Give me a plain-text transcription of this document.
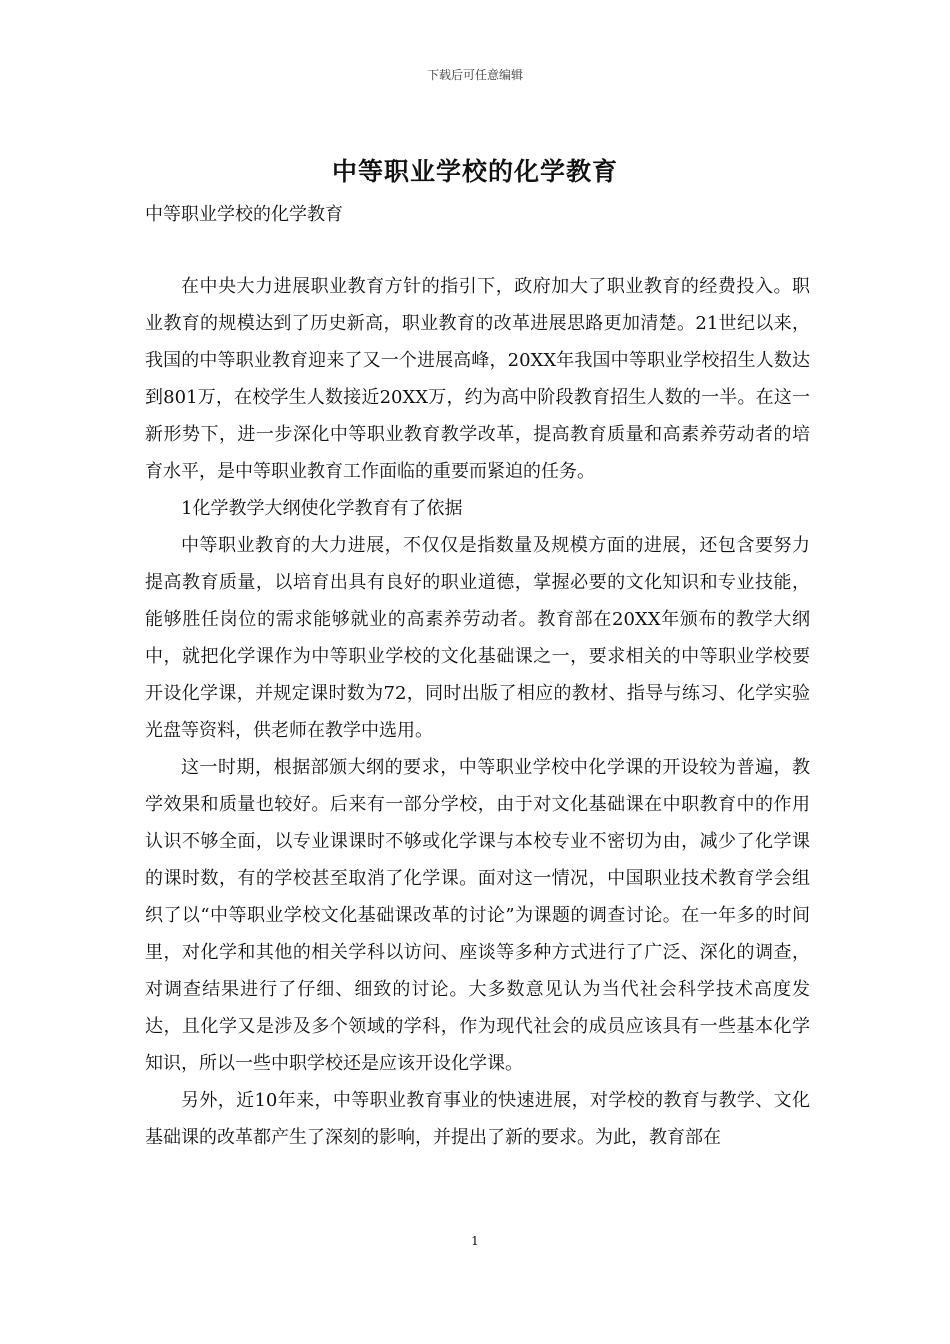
下载后可任意编辑
中等职业学校的化学教育
中等职业学校的化学教育

在中央大力进展职业教育方针的指引下，政府加大了职业教育的经费投入。职业教育的规模达到了历史新高，职业教育的改革进展思路更加清楚。21世纪以来，我国的中等职业教育迎来了又一个进展高峰，20XX年我国中等职业学校招生人数达到801万，在校学生人数接近20XX万，约为高中阶段教育招生人数的一半。在这一新形势下，进一步深化中等职业教育教学改革，提高教育质量和高素养劳动者的培育水平，是中等职业教育工作面临的重要而紧迫的任务。

1化学教学大纲使化学教育有了依据

中等职业教育的大力进展，不仅仅是指数量及规模方面的进展，还包含要努力提高教育质量，以培育出具有良好的职业道德，掌握必要的文化知识和专业技能，能够胜任岗位的需求能够就业的高素养劳动者。教育部在20XX年颁布的教学大纲中，就把化学课作为中等职业学校的文化基础课之一，要求相关的中等职业学校要开设化学课，并规定课时数为72，同时出版了相应的教材、指导与练习、化学实验光盘等资料，供老师在教学中选用。

这一时期，根据部颁大纲的要求，中等职业学校中化学课的开设较为普遍，教学效果和质量也较好。后来有一部分学校，由于对文化基础课在中职教育中的作用认识不够全面，以专业课课时不够或化学课与本校专业不密切为由，减少了化学课的课时数，有的学校甚至取消了化学课。面对这一情况，中国职业技术教育学会组织了以“中等职业学校文化基础课改革的讨论”为课题的调查讨论。在一年多的时间里，对化学和其他的相关学科以访问、座谈等多种方式进行了广泛、深化的调查，对调查结果进行了仔细、细致的讨论。大多数意见认为当代社会科学技术高度发达，且化学又是涉及多个领域的学科，作为现代社会的成员应该具有一些基本化学知识，所以一些中职学校还是应该开设化学课。

另外，近10年来，中等职业教育事业的快速进展，对学校的教育与教学、文化基础课的改革都产生了深刻的影响，并提出了新的要求。为此，教育部在

1
